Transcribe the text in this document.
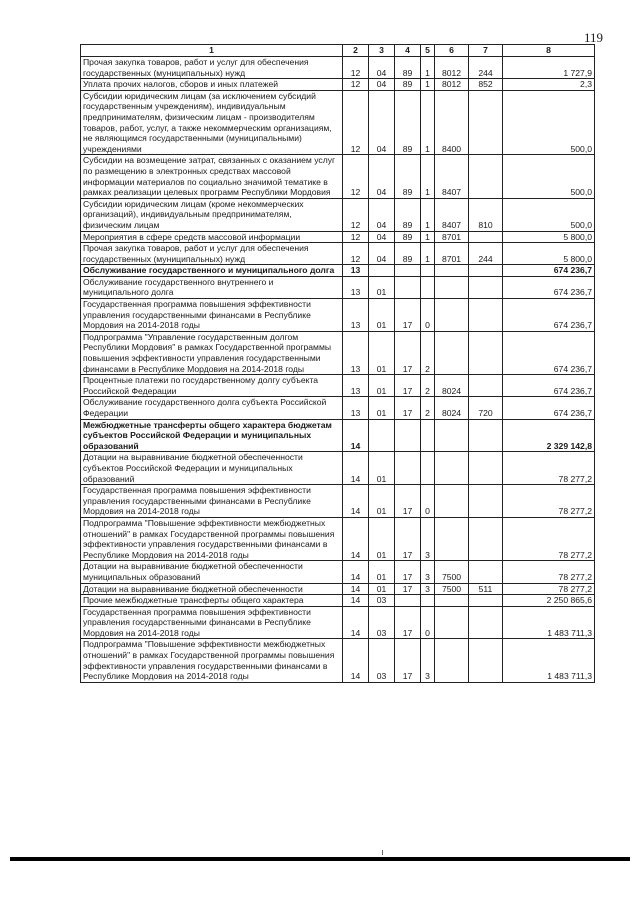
119
1	2	3	4	5	6	7	8
Прочая закупка товаров, работ и услуг для обеспечения государственных (муниципальных) нужд	12	04	89	1	8012	244	1 727,9
Уплата прочих налогов, сборов и иных платежей	12	04	89	1	8012	852	2,3
Субсидии юридическим лицам (за исключением субсидий государственным учреждениям), индивидуальным предпринимателям, физическим лицам - производителям товаров, работ, услуг, а также некоммерческим организациям, не являющимся государственными (муниципальными) учреждениями	12	04	89	1	8400		500,0
Субсидии на возмещение затрат, связанных с оказанием услуг по размещению в электронных средствах массовой информации материалов по социально значимой тематике в рамках реализации целевых программ Республики Мордовия	12	04	89	1	8407		500,0
Субсидии юридическим лицам (кроме некоммерческих организаций), индивидуальным предпринимателям, физическим лицам	12	04	89	1	8407	810	500,0
Мероприятия в сфере средств массовой информации	12	04	89	1	8701		5 800,0
Прочая закупка товаров, работ и услуг для обеспечения государственных (муниципальных) нужд	12	04	89	1	8701	244	5 800,0
Обслуживание государственного и муниципального долга	13						674 236,7
Обслуживание государственного внутреннего и муниципального долга	13	01					674 236,7
Государственная программа повышения эффективности управления государственными финансами в Республике Мордовия на 2014-2018 годы	13	01	17	0			674 236,7
Подпрограмма "Управление государственным долгом Республики Мордовия" в рамках Государственной программы повышения эффективности управления государственными финансами в Республике Мордовия на 2014-2018 годы	13	01	17	2			674 236,7
Процентные платежи по государственному долгу субъекта Российской Федерации	13	01	17	2	8024		674 236,7
Обслуживание государственного долга субъекта Российской Федерации	13	01	17	2	8024	720	674 236,7
Межбюджетные трансферты общего характера бюджетам субъектов Российской Федерации и муниципальных образований	14						2 329 142,8
Дотации на выравнивание бюджетной обеспеченности субъектов Российской Федерации и муниципальных образований	14	01					78 277,2
Государственная программа повышения эффективности управления государственными финансами в Республике Мордовия на 2014-2018 годы	14	01	17	0			78 277,2
Подпрограмма "Повышение эффективности межбюджетных отношений" в рамках Государственной программы повышения эффективности управления государственными финансами в Республике Мордовия на 2014-2018 годы	14	01	17	3			78 277,2
Дотации на выравнивание бюджетной обеспеченности муниципальных образований	14	01	17	3	7500		78 277,2
Дотации на выравнивание бюджетной обеспеченности	14	01	17	3	7500	511	78 277,2
Прочие межбюджетные трансферты общего характера	14	03					2 250 865,6
Государственная программа повышения эффективности управления государственными финансами в Республике Мордовия на 2014-2018 годы	14	03	17	0			1 483 711,3
Подпрограмма "Повышение эффективности межбюджетных отношений" в рамках Государственной программы повышения эффективности управления государственными финансами в Республике Мордовия на 2014-2018 годы	14	03	17	3			1 483 711,3
